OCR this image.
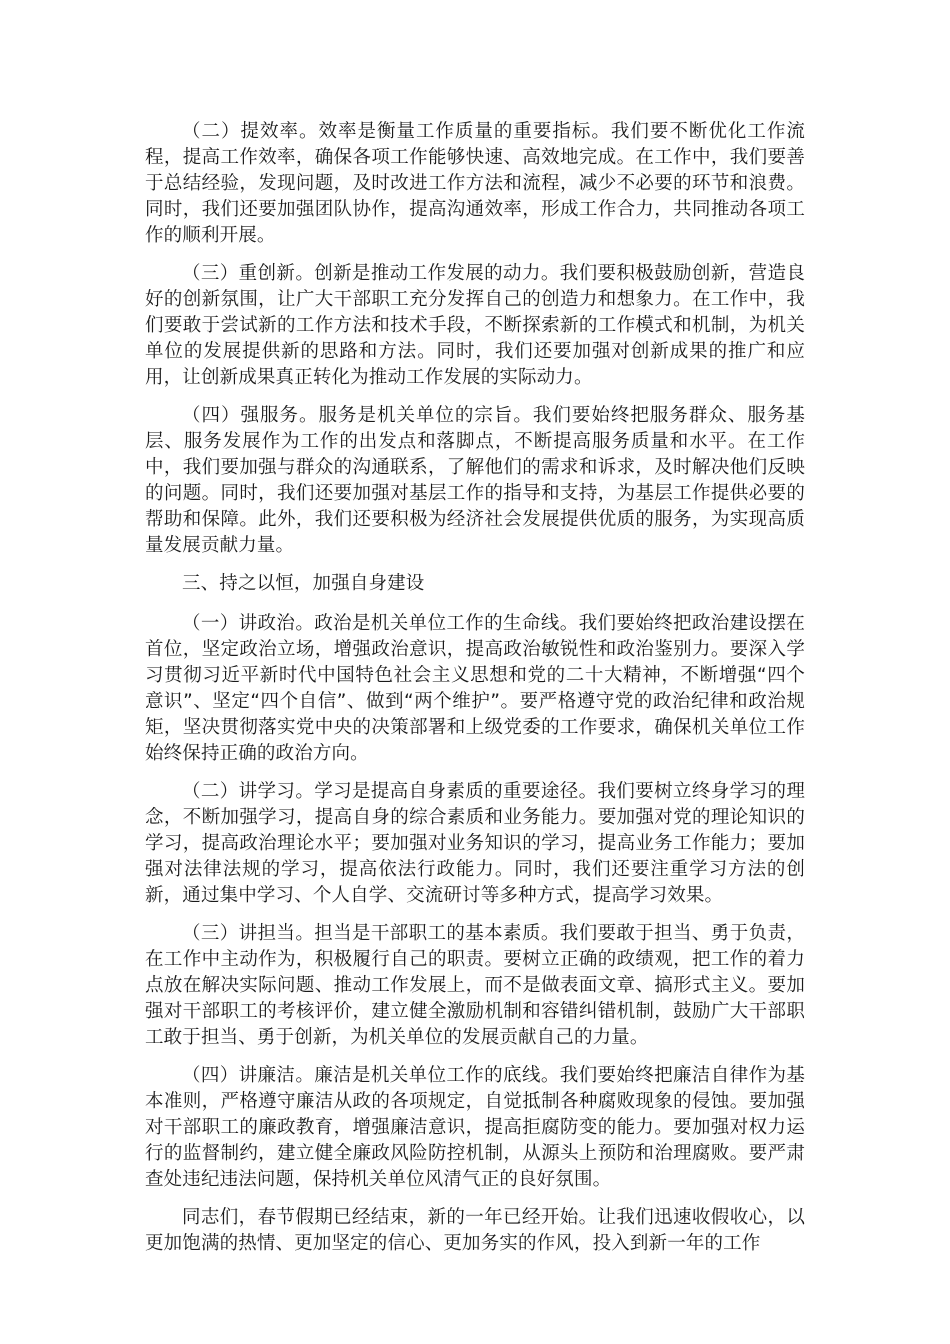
（二）提效率。效率是衡量工作质量的重要指标。我们要不断优化工作流程，提高工作效率，确保各项工作能够快速、高效地完成。在工作中，我们要善于总结经验，发现问题，及时改进工作方法和流程，减少不必要的环节和浪费。同时，我们还要加强团队协作，提高沟通效率，形成工作合力，共同推动各项工作的顺利开展。

（三）重创新。创新是推动工作发展的动力。我们要积极鼓励创新，营造良好的创新氛围，让广大干部职工充分发挥自己的创造力和想象力。在工作中，我们要敢于尝试新的工作方法和技术手段，不断探索新的工作模式和机制，为机关单位的发展提供新的思路和方法。同时，我们还要加强对创新成果的推广和应用，让创新成果真正转化为推动工作发展的实际动力。

（四）强服务。服务是机关单位的宗旨。我们要始终把服务群众、服务基层、服务发展作为工作的出发点和落脚点，不断提高服务质量和水平。在工作中，我们要加强与群众的沟通联系，了解他们的需求和诉求，及时解决他们反映的问题。同时，我们还要加强对基层工作的指导和支持，为基层工作提供必要的帮助和保障。此外，我们还要积极为经济社会发展提供优质的服务，为实现高质量发展贡献力量。

三、持之以恒，加强自身建设

（一）讲政治。政治是机关单位工作的生命线。我们要始终把政治建设摆在首位，坚定政治立场，增强政治意识，提高政治敏锐性和政治鉴别力。要深入学习贯彻习近平新时代中国特色社会主义思想和党的二十大精神，不断增强“四个意识”、坚定“四个自信”、做到“两个维护”。要严格遵守党的政治纪律和政治规矩，坚决贯彻落实党中央的决策部署和上级党委的工作要求，确保机关单位工作始终保持正确的政治方向。

（二）讲学习。学习是提高自身素质的重要途径。我们要树立终身学习的理念，不断加强学习，提高自身的综合素质和业务能力。要加强对党的理论知识的学习，提高政治理论水平；要加强对业务知识的学习，提高业务工作能力；要加强对法律法规的学习，提高依法行政能力。同时，我们还要注重学习方法的创新，通过集中学习、个人自学、交流研讨等多种方式，提高学习效果。

（三）讲担当。担当是干部职工的基本素质。我们要敢于担当、勇于负责，在工作中主动作为，积极履行自己的职责。要树立正确的政绩观，把工作的着力点放在解决实际问题、推动工作发展上，而不是做表面文章、搞形式主义。要加强对干部职工的考核评价，建立健全激励机制和容错纠错机制，鼓励广大干部职工敢于担当、勇于创新，为机关单位的发展贡献自己的力量。

（四）讲廉洁。廉洁是机关单位工作的底线。我们要始终把廉洁自律作为基本准则，严格遵守廉洁从政的各项规定，自觉抵制各种腐败现象的侵蚀。要加强对干部职工的廉政教育，增强廉洁意识，提高拒腐防变的能力。要加强对权力运行的监督制约，建立健全廉政风险防控机制，从源头上预防和治理腐败。要严肃查处违纪违法问题，保持机关单位风清气正的良好氛围。

同志们，春节假期已经结束，新的一年已经开始。让我们迅速收假收心，以更加饱满的热情、更加坚定的信心、更加务实的作风，投入到新一年的工作
